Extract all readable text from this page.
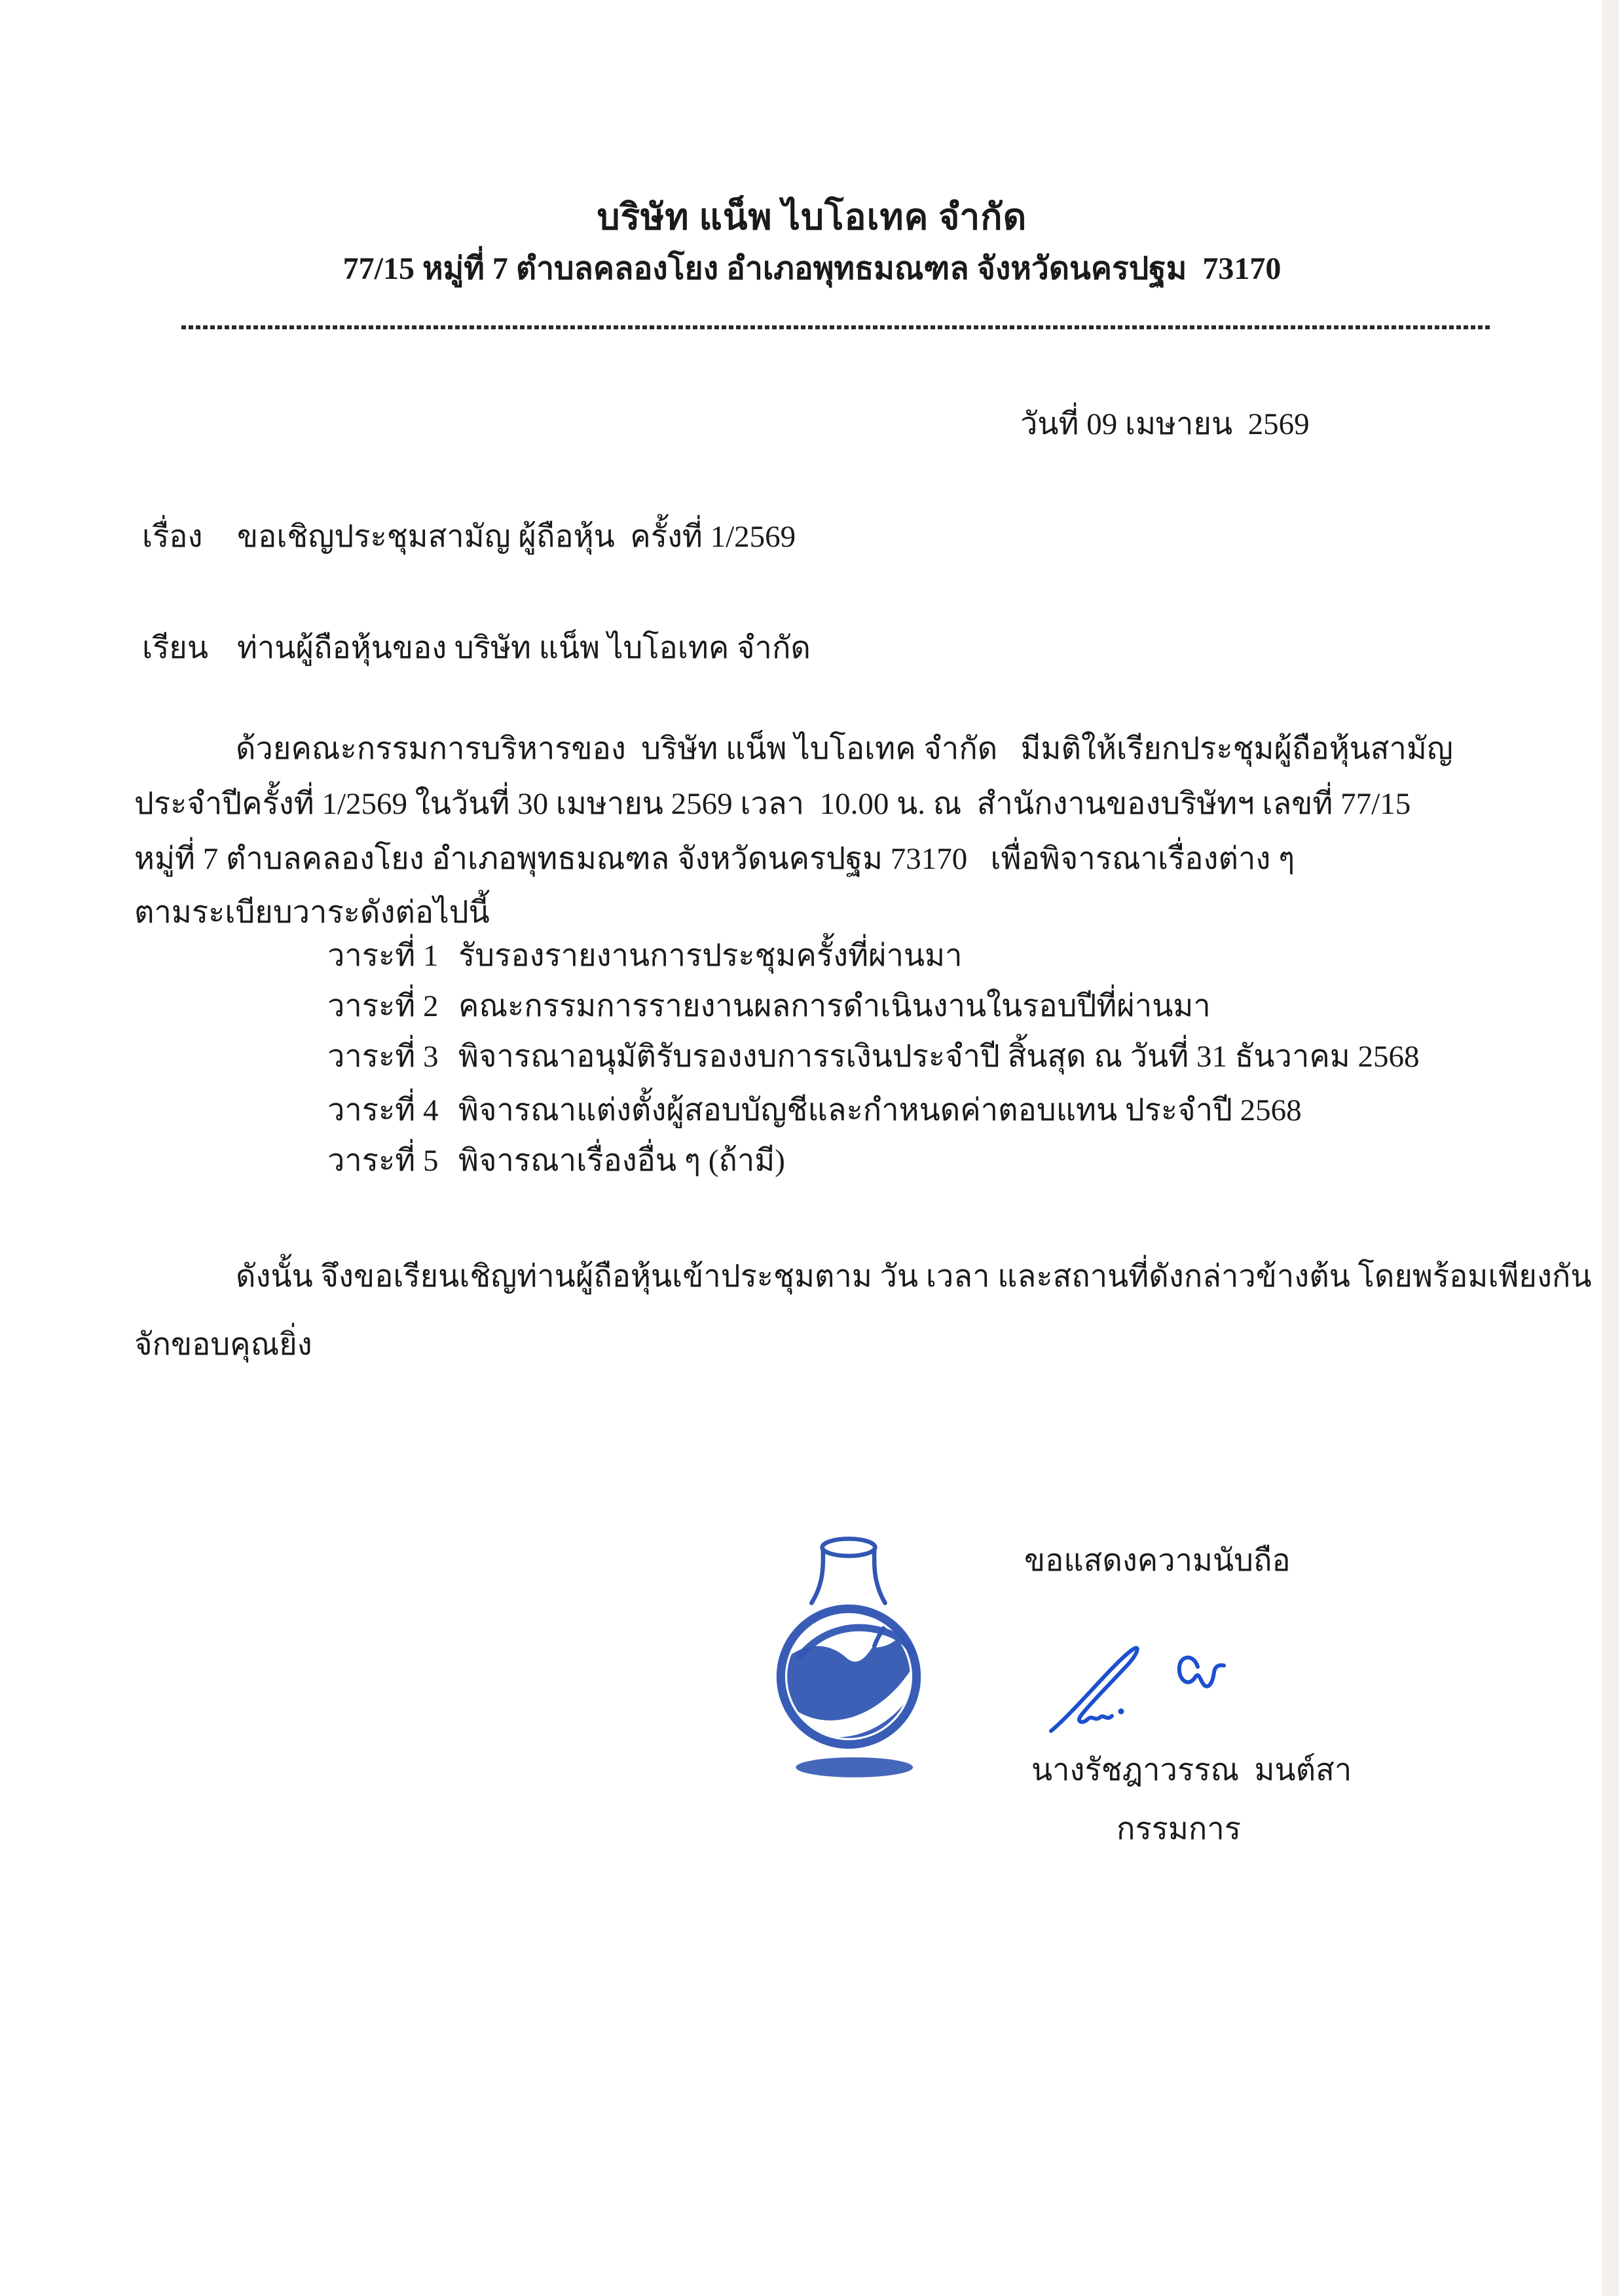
บริษัท แน็พ ไบโอเทค จำกัด
77/15 หมู่ที่ 7 ตำบลคลองโยง อำเภอพุทธมณฑล จังหวัดนครปฐม  73170
วันที่ 09 เมษายน  2569
เรื่อง ขอเชิญประชุมสามัญ ผู้ถือหุ้น  ครั้งที่ 1/2569
เรียน ท่านผู้ถือหุ้นของ บริษัท แน็พ ไบโอเทค จำกัด
ด้วยคณะกรรมการบริหารของ  บริษัท แน็พ ไบโอเทค จำกัด   มีมติให้เรียกประชุมผู้ถือหุ้นสามัญ
ประจำปีครั้งที่ 1/2569 ในวันที่ 30 เมษายน 2569 เวลา  10.00 น. ณ  สำนักงานของบริษัทฯ เลขที่ 77/15
หมู่ที่ 7 ตำบลคลองโยง อำเภอพุทธมณฑล จังหวัดนครปฐม 73170   เพื่อพิจารณาเรื่องต่าง ๆ
ตามระเบียบวาระดังต่อไปนี้
วาระที่ 1 รับรองรายงานการประชุมครั้งที่ผ่านมา
วาระที่ 2 คณะกรรมการรายงานผลการดำเนินงานในรอบปีที่ผ่านมา
วาระที่ 3 พิจารณาอนุมัติรับรองงบการรเงินประจำปี สิ้นสุด ณ วันที่ 31 ธันวาคม 2568
วาระที่ 4 พิจารณาแต่งตั้งผู้สอบบัญชีและกำหนดค่าตอบแทน ประจำปี 2568
วาระที่ 5 พิจารณาเรื่องอื่น ๆ (ถ้ามี)
ดังนั้น จึงขอเรียนเชิญท่านผู้ถือหุ้นเข้าประชุมตาม วัน เวลา และสถานที่ดังกล่าวข้างต้น โดยพร้อมเพียงกัน
จักขอบคุณยิ่ง

ขอแสดงความนับถือ

นางรัชฎาวรรณ  มนต์สา
กรรมการ
